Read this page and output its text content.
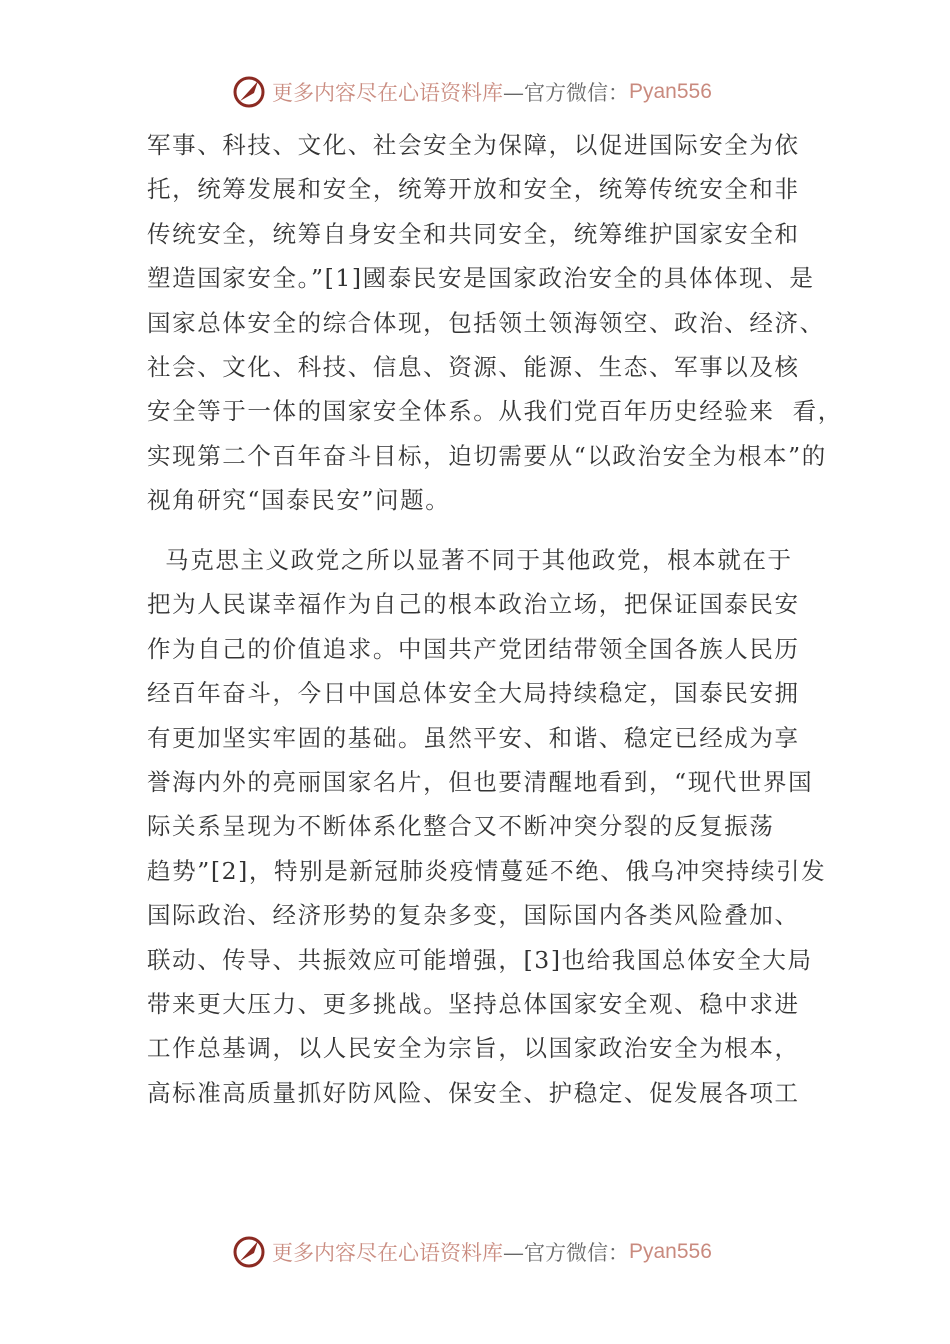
更多内容尽在心语资料库 —官方微信： Pyan556
军事、科技、文化、社会安全为保障，以促进国际安全为依
托，统筹发展和安全，统筹开放和安全，统筹传统安全和非
传统安全，统筹自身安全和共同安全，统筹维护国家安全和
塑造国家安全。”[1]國泰民安是国家政治安全的具体体现、是
国家总体安全的综合体现，包括领土领海领空、政治、经济、
社会、文化、科技、信息、资源、能源、生态、军事以及核
安全等于一体的国家安全体系。从我们党百年历史经验来  看，
实现第二个百年奋斗目标，迫切需要从“以政治安全为根本”的
视角研究“国泰民安”问题。
马克思主义政党之所以显著不同于其他政党，根本就在于
把为人民谋幸福作为自己的根本政治立场，把保证国泰民安
作为自己的价值追求。中国共产党团结带领全国各族人民历
经百年奋斗，今日中国总体安全大局持续稳定，国泰民安拥
有更加坚实牢固的基础。虽然平安、和谐、稳定已经成为享
誉海内外的亮丽国家名片，但也要清醒地看到，“现代世界国
际关系呈现为不断体系化整合又不断冲突分裂的反复振荡
趋势”[2]，特别是新冠肺炎疫情蔓延不绝、俄乌冲突持续引发
国际政治、经济形势的复杂多变，国际国内各类风险叠加、
联动、传导、共振效应可能增强，[3]也给我国总体安全大局
带来更大压力、更多挑战。坚持总体国家安全观、稳中求进
工作总基调，以人民安全为宗旨，以国家政治安全为根本，
高标准高质量抓好防风险、保安全、护稳定、促发展各项工
更多内容尽在心语资料库 —官方微信： Pyan556
